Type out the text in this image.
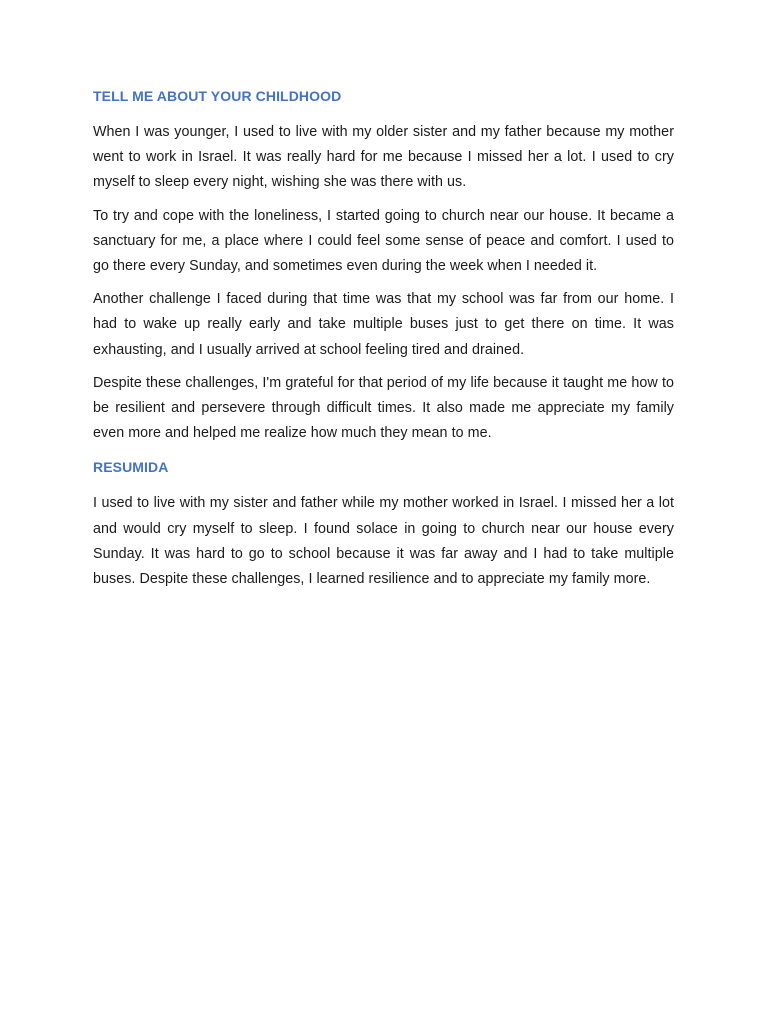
TELL ME ABOUT YOUR CHILDHOOD

When I was younger, I used to live with my older sister and my father because my mother went to work in Israel. It was really hard for me because I missed her a lot. I used to cry myself to sleep every night, wishing she was there with us.

To try and cope with the loneliness, I started going to church near our house. It became a sanctuary for me, a place where I could feel some sense of peace and comfort. I used to go there every Sunday, and sometimes even during the week when I needed it.

Another challenge I faced during that time was that my school was far from our home. I had to wake up really early and take multiple buses just to get there on time. It was exhausting, and I usually arrived at school feeling tired and drained.

Despite these challenges, I'm grateful for that period of my life because it taught me how to be resilient and persevere through difficult times. It also made me appreciate my family even more and helped me realize how much they mean to me.

RESUMIDA

I used to live with my sister and father while my mother worked in Israel. I missed her a lot and would cry myself to sleep. I found solace in going to church near our house every Sunday. It was hard to go to school because it was far away and I had to take multiple buses. Despite these challenges, I learned resilience and to appreciate my family more.
